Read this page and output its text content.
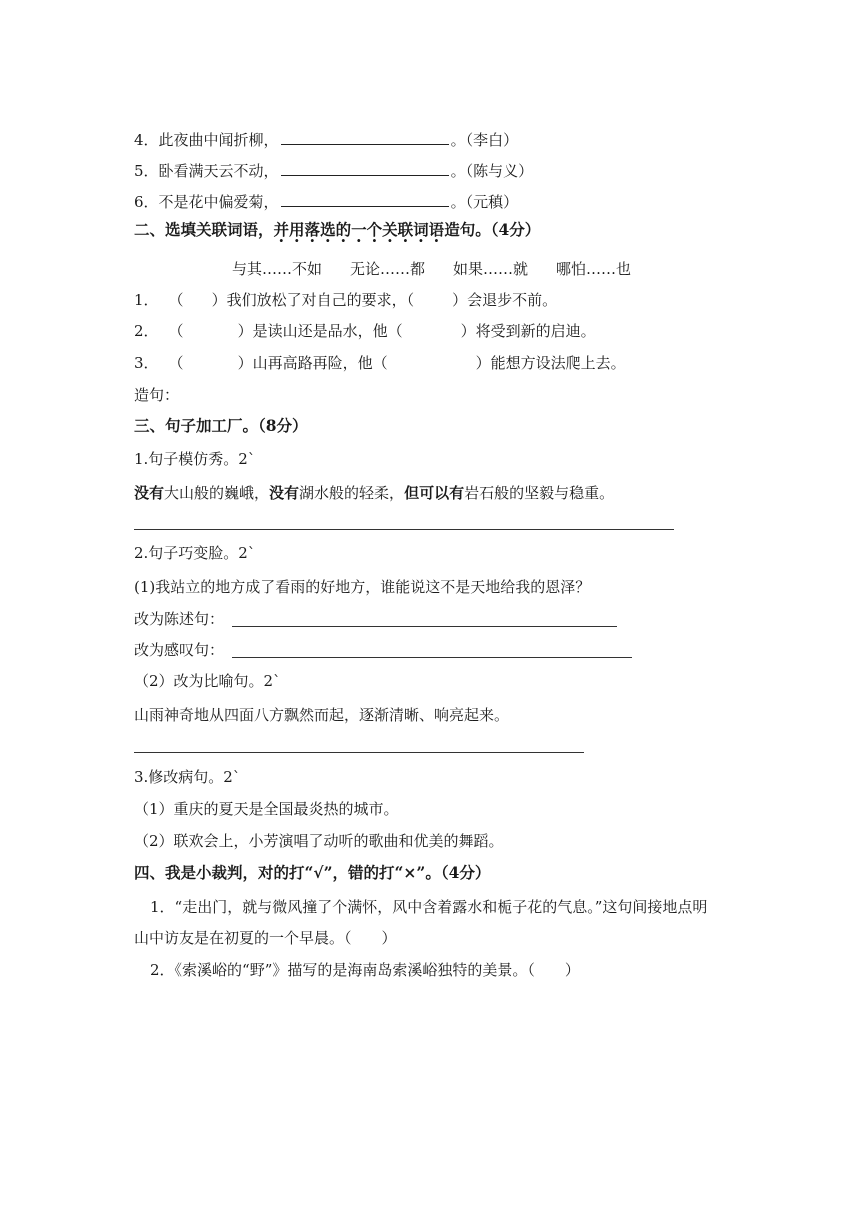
4．此夜曲中闻折柳，	。（李白）
5．卧看满天云不动，	。（陈与义）
6．不是花中偏爱菊，	。（元稹）
二、选填关联词语，并用落选的一个关联词语造句。（4分）
与其……不如 无论……都 如果……就 哪怕……也
1． （ ）我们放松了对自己的要求，（	）会退步不前。
2． （	）是读山还是品水，他（	）将受到新的启迪。
3． （	）山再高路再险，他（	）能想方设法爬上去。
造句：
三、句子加工厂。（8分）
1.句子模仿秀。2`
没有大山般的巍峨，没有湖水般的轻柔，但可以有岩石般的坚毅与稳重。
2.句子巧变脸。2`
(1)我站立的地方成了看雨的好地方，谁能说这不是天地给我的恩泽？
改为陈述句：
改为感叹句：
（2）改为比喻句。2`
山雨神奇地从四面八方飘然而起，逐渐清晰、响亮起来。
3.修改病句。2`
（1）重庆的夏天是全国最炎热的城市。
（2）联欢会上，小芳演唱了动听的歌曲和优美的舞蹈。
四、我是小裁判，对的打“√”，错的打“×”。（4分）
1．“走出门，就与微风撞了个满怀，风中含着露水和栀子花的气息。”这句间接地点明
山中访友是在初夏的一个早晨。（　　）
2．《索溪峪的“野”》描写的是海南岛索溪峪独特的美景。（　　）
